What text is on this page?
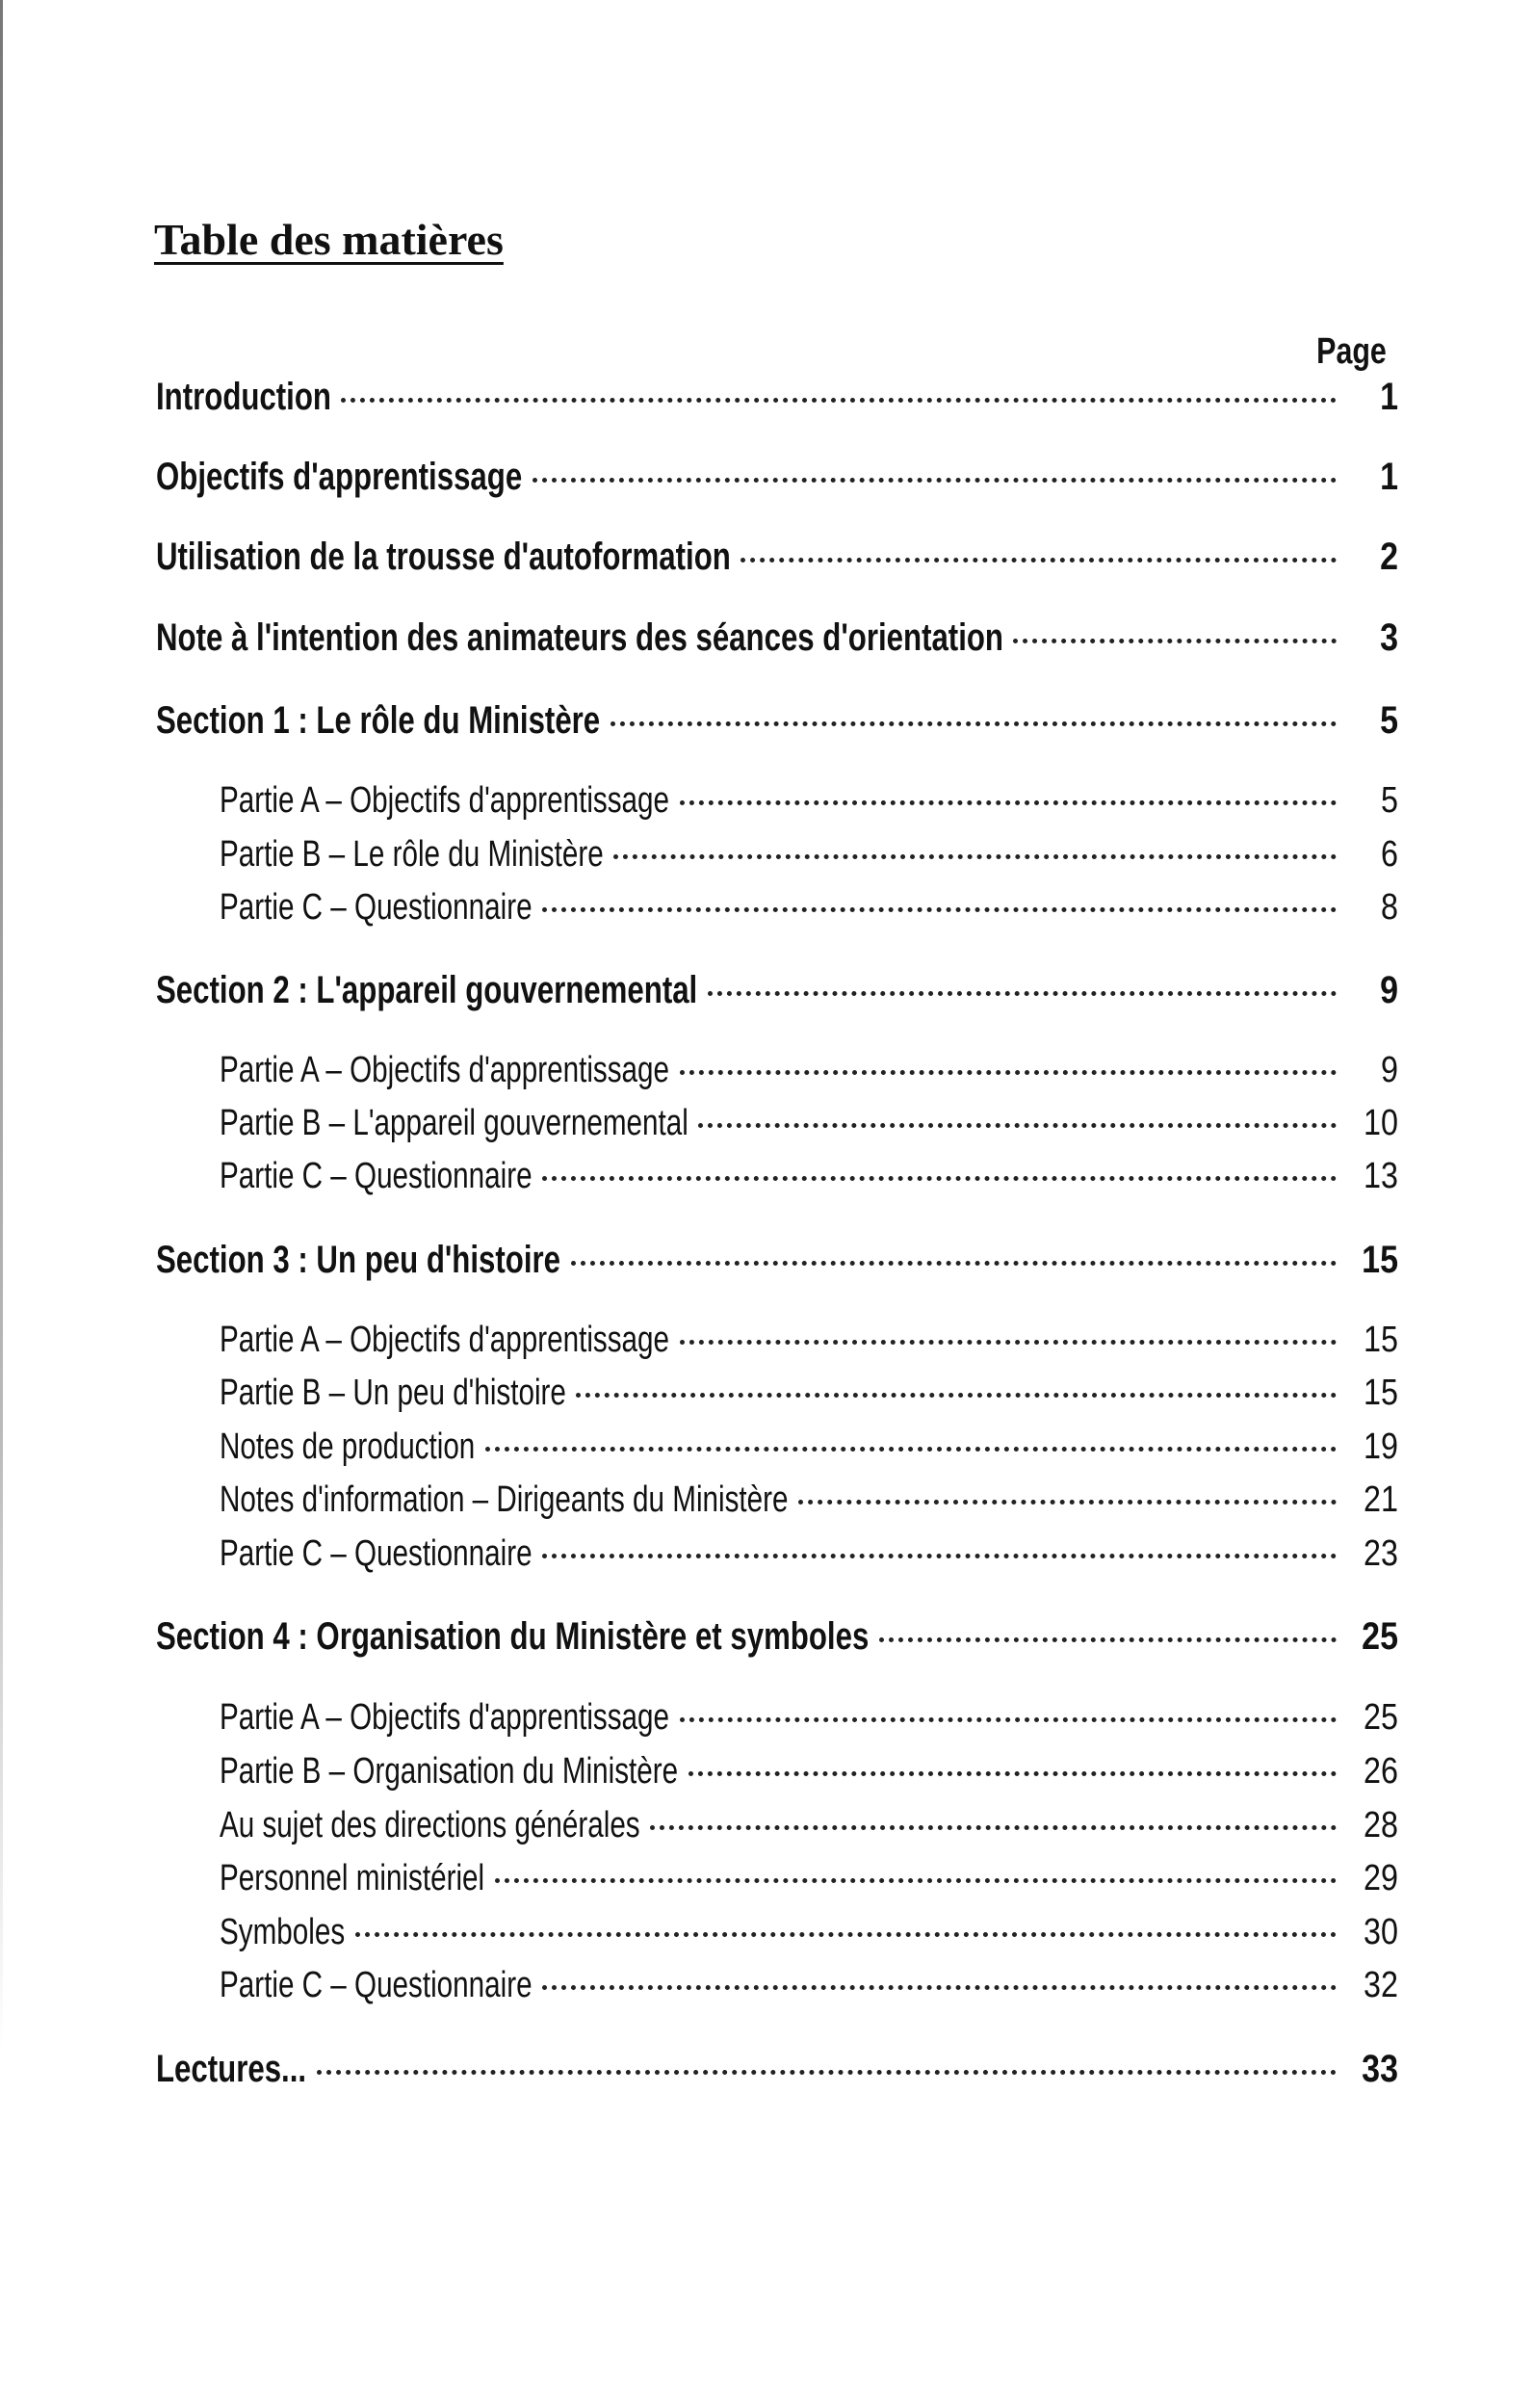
Table des matières
Page
Introduction	1
Objectifs d'apprentissage	1
Utilisation de la trousse d'autoformation	2
Note à l'intention des animateurs des séances d'orientation	3
Section 1 : Le rôle du Ministère	5
Partie A – Objectifs d'apprentissage	5
Partie B – Le rôle du Ministère	6
Partie C – Questionnaire	8
Section 2 : L'appareil gouvernemental	9
Partie A – Objectifs d'apprentissage	9
Partie B – L'appareil gouvernemental	10
Partie C – Questionnaire	13
Section 3 : Un peu d'histoire	15
Partie A – Objectifs d'apprentissage	15
Partie B – Un peu d'histoire	15
Notes de production	19
Notes d'information – Dirigeants du Ministère	21
Partie C – Questionnaire	23
Section 4 : Organisation du Ministère et symboles	25
Partie A – Objectifs d'apprentissage	25
Partie B – Organisation du Ministère	26
Au sujet des directions générales	28
Personnel ministériel	29
Symboles	30
Partie C – Questionnaire	32
Lectures...	33
